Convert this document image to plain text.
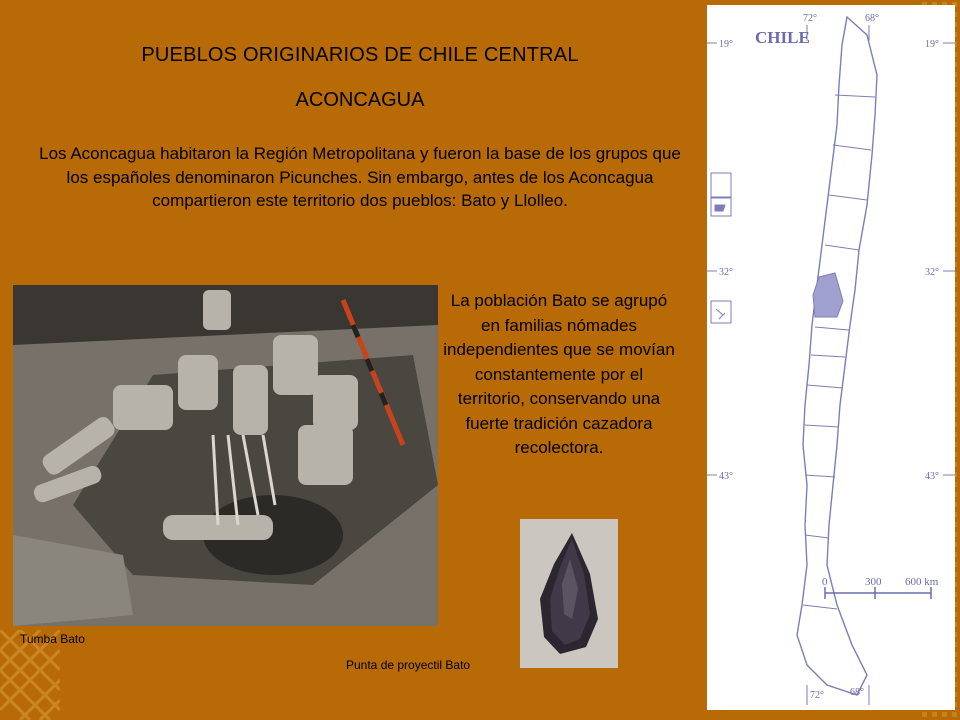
PUEBLOS ORIGINARIOS DE CHILE CENTRAL
ACONCAGUA
Los Aconcagua habitaron la Región Metropolitana y fueron la base de los grupos que los españoles denominaron Picunches. Sin embargo, antes de los Aconcagua compartieron este territorio dos pueblos: Bato y Llolleo.
Tumba Bato
La población Bato se agrupó en familias nómades independientes que se movían constantemente por el territorio, conservando una fuerte tradición cazadora recolectora.
Punta de proyectil Bato
CHILE
72°	68°
19°	19°
32°	32°
43°	43°
72°	68°
0	300 600 km
